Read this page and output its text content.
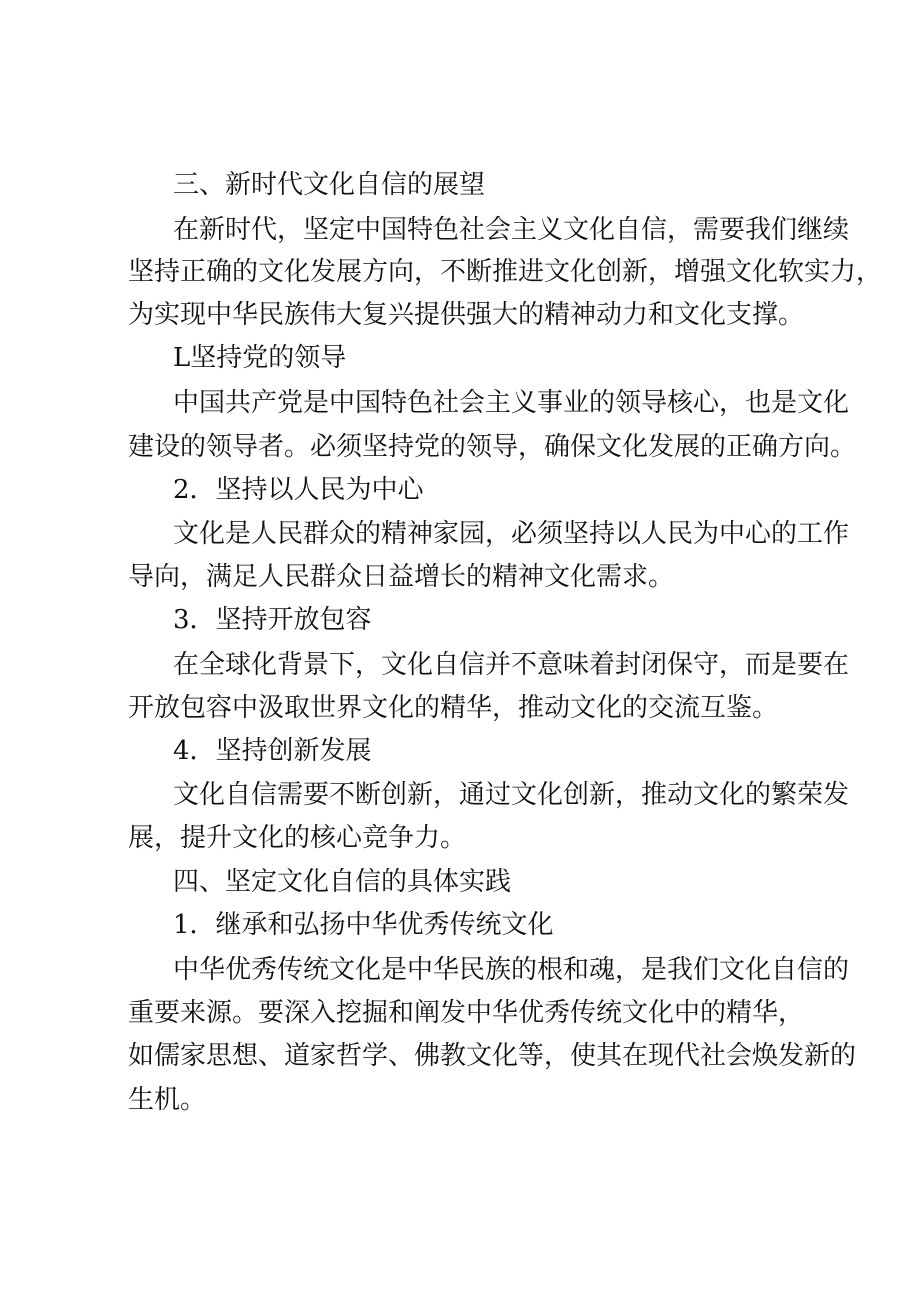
三、新时代文化自信的展望
在新时代，坚定中国特色社会主义文化自信，需要我们继续
坚持正确的文化发展方向，不断推进文化创新，增强文化软实力，
为实现中华民族伟大复兴提供强大的精神动力和文化支撑。
L坚持党的领导
中国共产党是中国特色社会主义事业的领导核心，也是文化
建设的领导者。必须坚持党的领导，确保文化发展的正确方向。
2．坚持以人民为中心
文化是人民群众的精神家园，必须坚持以人民为中心的工作
导向，满足人民群众日益增长的精神文化需求。
3．坚持开放包容
在全球化背景下，文化自信并不意味着封闭保守，而是要在
开放包容中汲取世界文化的精华，推动文化的交流互鉴。
4．坚持创新发展
文化自信需要不断创新，通过文化创新，推动文化的繁荣发
展，提升文化的核心竞争力。
四、坚定文化自信的具体实践
1．继承和弘扬中华优秀传统文化
中华优秀传统文化是中华民族的根和魂，是我们文化自信的
重要来源。要深入挖掘和阐发中华优秀传统文化中的精华，
如儒家思想、道家哲学、佛教文化等，使其在现代社会焕发新的
生机。
